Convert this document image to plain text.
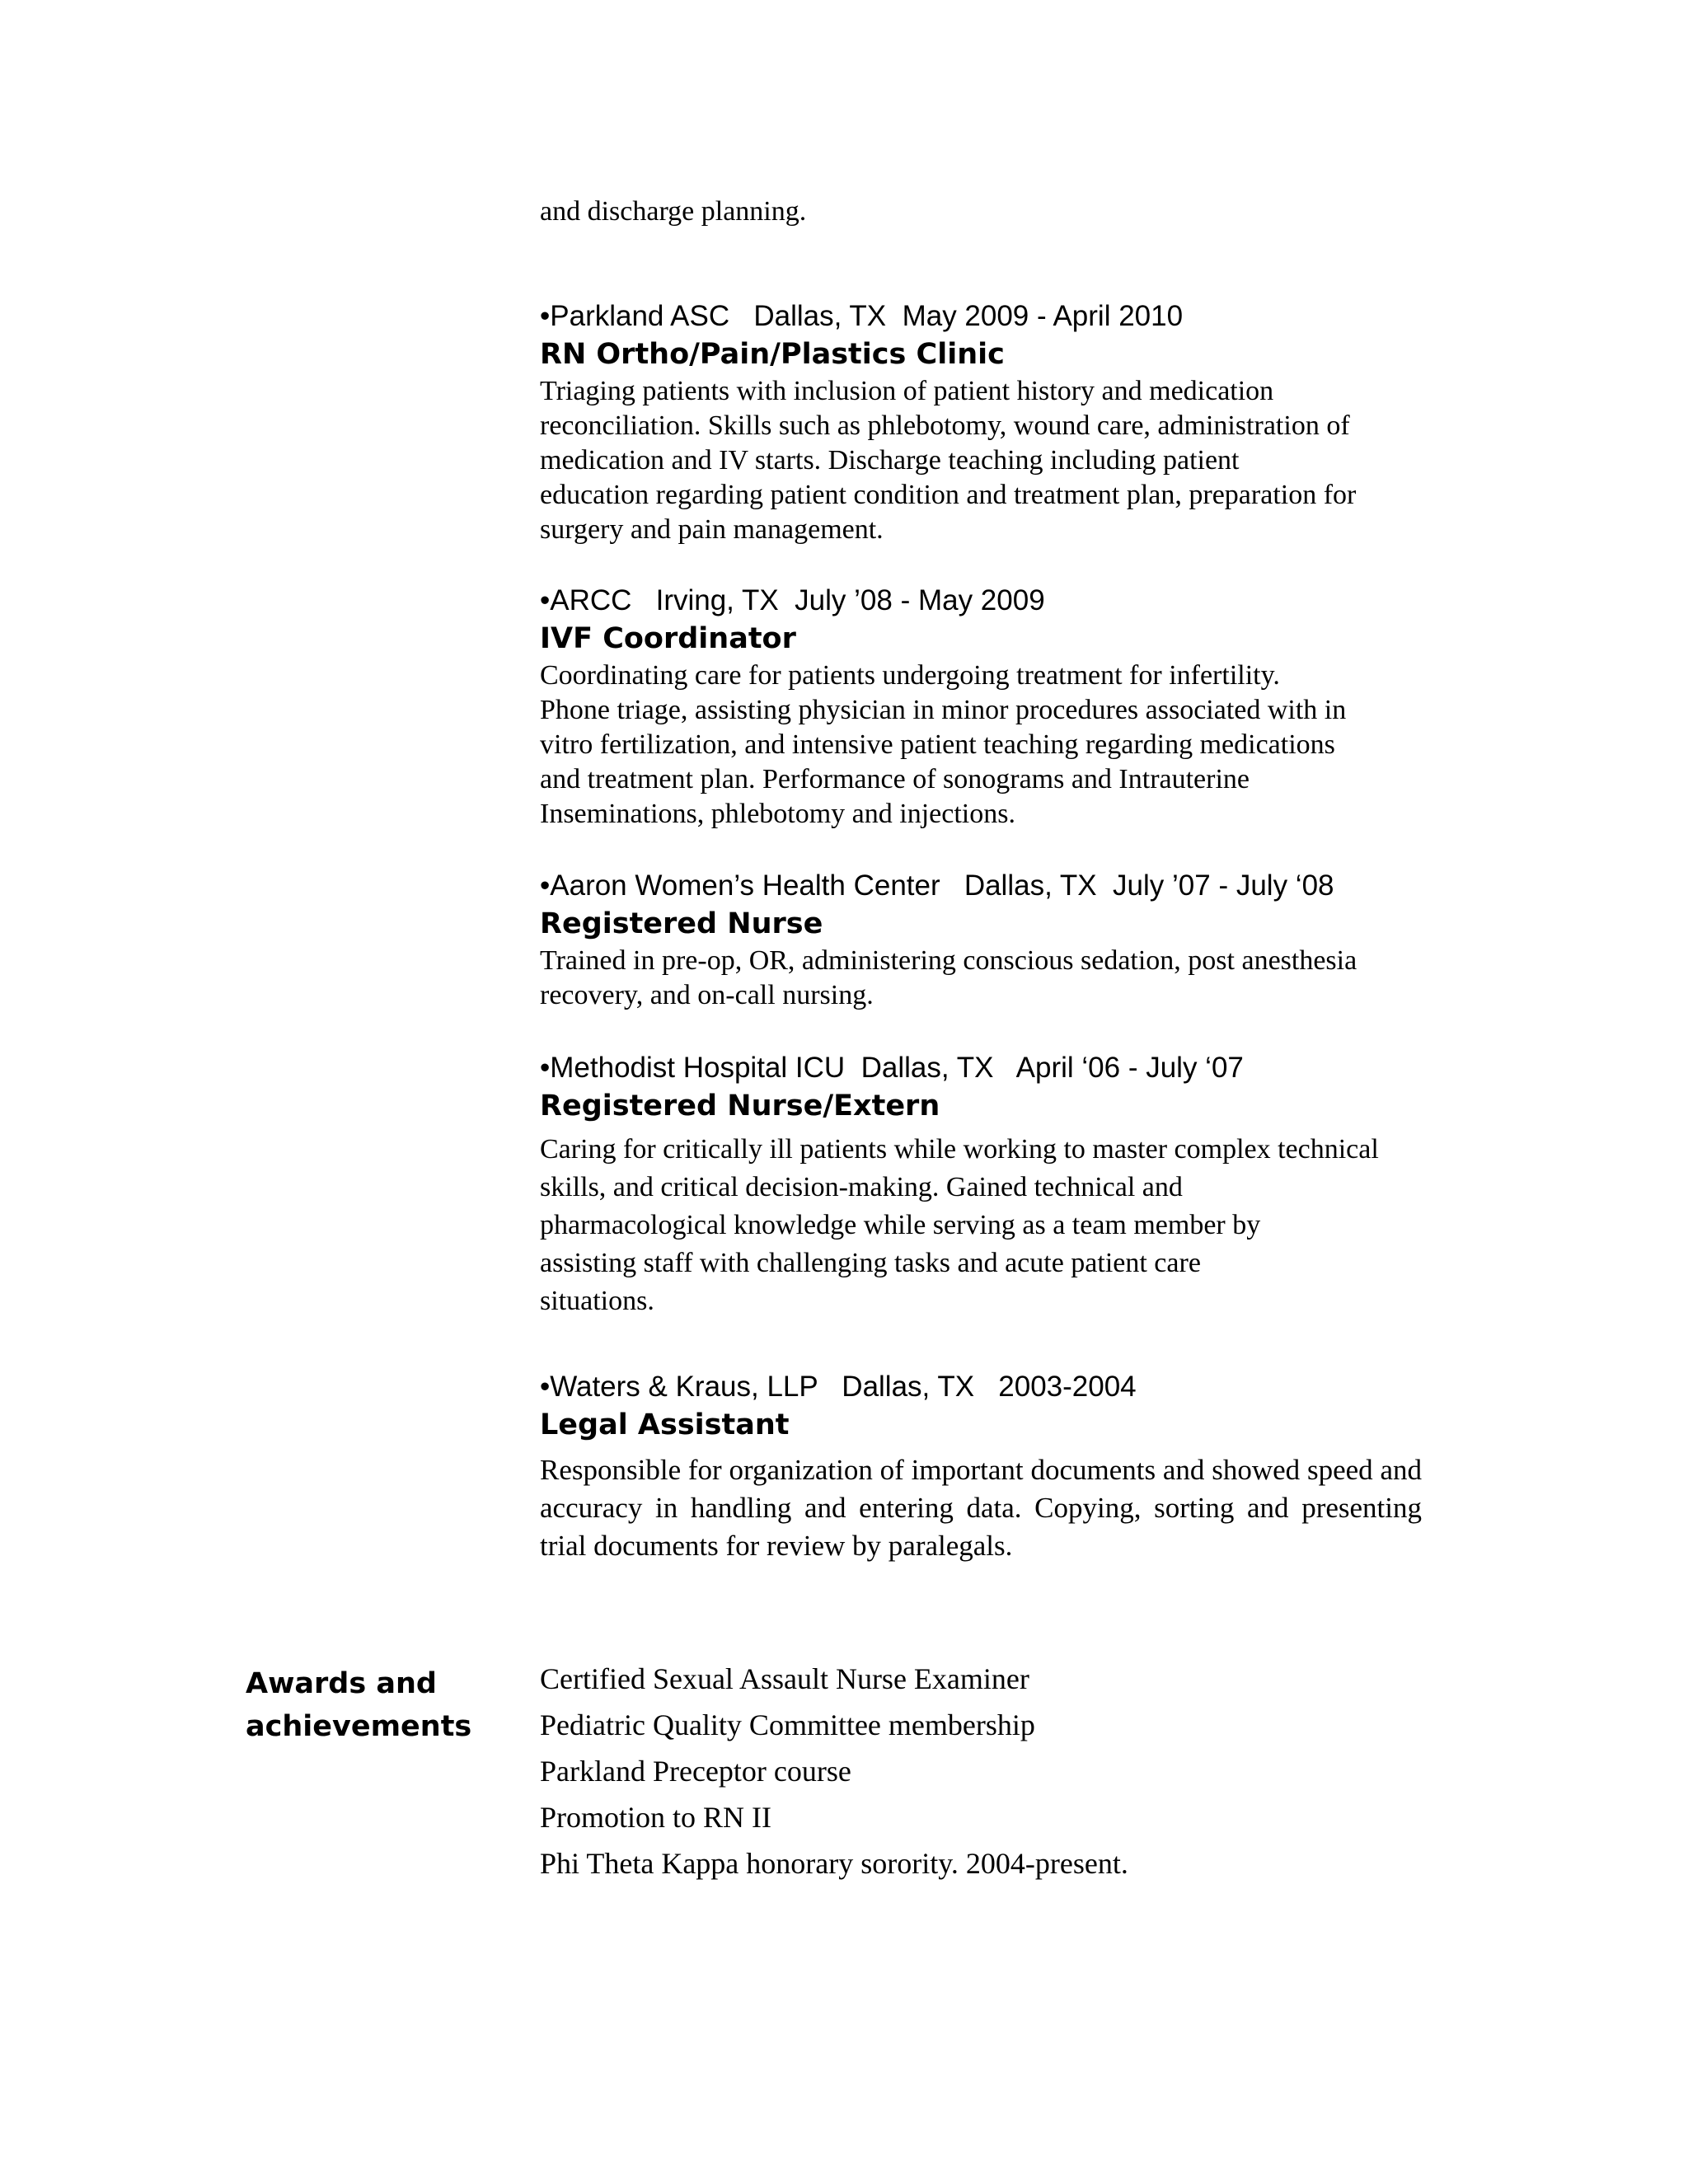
and discharge planning.
•Parkland ASC   Dallas, TX  May 2009 - April 2010
RN Ortho/Pain/Plastics Clinic
Triaging patients with inclusion of patient history and medication
reconciliation. Skills such as phlebotomy, wound care, administration of
medication and IV starts. Discharge teaching including patient
education regarding patient condition and treatment plan, preparation for
surgery and pain management.
•ARCC   Irving, TX  July ’08 - May 2009
IVF Coordinator
Coordinating care for patients undergoing treatment for infertility.
Phone triage, assisting physician in minor procedures associated with in
vitro fertilization, and intensive patient teaching regarding medications
and treatment plan. Performance of sonograms and Intrauterine
Inseminations, phlebotomy and injections.
•Aaron Women’s Health Center   Dallas, TX  July ’07 - July ‘08
Registered Nurse
Trained in pre-op, OR, administering conscious sedation, post anesthesia
recovery, and on-call nursing.
•Methodist Hospital ICU  Dallas, TX   April ‘06 - July ‘07
Registered Nurse/Extern
Caring for critically ill patients while working to master complex technical
skills, and critical decision-making. Gained technical and
pharmacological knowledge while serving as a team member by
assisting staff with challenging tasks and acute patient care
situations.
•Waters & Kraus, LLP   Dallas, TX   2003-2004
Legal Assistant

Responsible for organization of important documents and showed speed and accuracy in handling and entering data. Copying, sorting and presenting trial documents for review by paralegals.

Awards and
achievements
Certified Sexual Assault Nurse Examiner
Pediatric Quality Committee membership
Parkland Preceptor course
Promotion to RN II
Phi Theta Kappa honorary sorority. 2004-present.
